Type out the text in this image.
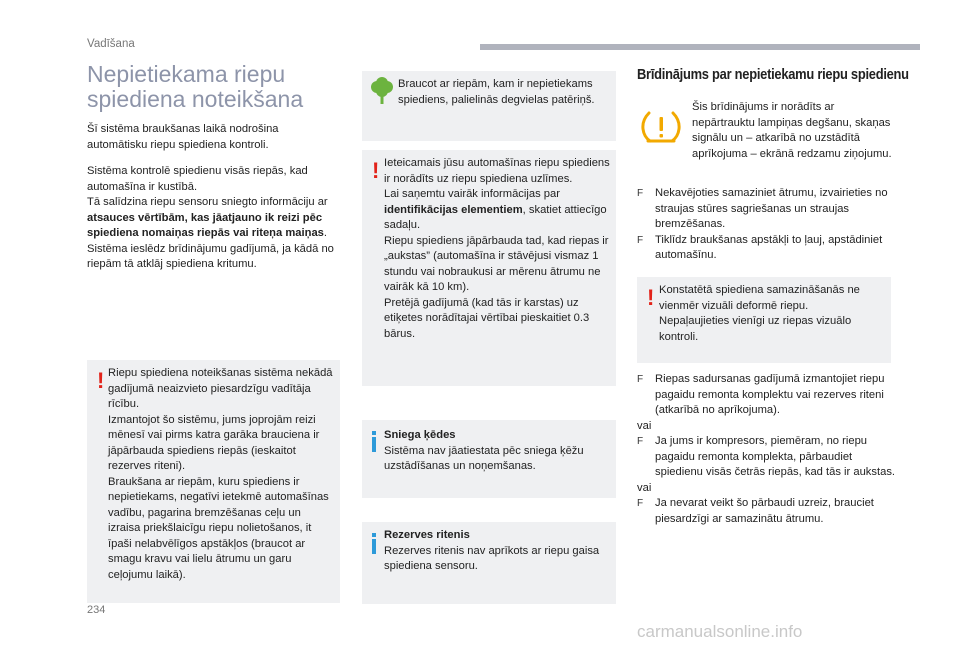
Vadīšana
Nepietiekama riepu
spiediena noteikšana

Šī sistēma braukšanas laikā nodrošina automātisku riepu spiediena kontroli.

Sistēma kontrolē spiedienu visās riepās, kad automašīna ir kustībā.
Tā salīdzina riepu sensoru sniegto informāciju ar atsauces vērtībām, kas jāatjauno ik reizi pēc spiediena nomaiņas riepās vai riteņa maiņas.
Sistēma ieslēdz brīdinājumu gadījumā, ja kādā no riepām tā atklāj spiediena kritumu.

! Riepu spiediena noteikšanas sistēma nekādā gadījumā neaizvieto piesardzīgu vadītāja rīcību.
Izmantojot šo sistēmu, jums joprojām reizi mēnesī vai pirms katra garāka brauciena ir jāpārbauda spiediens riepās (ieskaitot rezerves riteni).
Braukšana ar riepām, kuru spiediens ir nepietiekams, negatīvi ietekmē automašīnas vadību, pagarina bremzēšanas ceļu un izraisa priekšlaicīgu riepu nolietošanos, it īpaši nelabvēlīgos apstākļos (braucot ar smagu kravu vai lielu ātrumu un garu ceļojumu laikā).
Braucot ar riepām, kam ir nepietiekams spiediens, palielinās degvielas patēriņš.
! Ieteicamais jūsu automašīnas riepu spiediens ir norādīts uz riepu spiediena uzlīmes.
Lai saņemtu vairāk informācijas par identifikācijas elementiem, skatiet attiecīgo sadaļu.
Riepu spiediens jāpārbauda tad, kad riepas ir „aukstas” (automašīna ir stāvējusi vismaz 1 stundu vai nobraukusi ar mērenu ātrumu ne vairāk kā 10 km).
Pretējā gadījumā (kad tās ir karstas) uz etiķetes norādītajai vērtībai pieskaitiet 0.3 bārus.
Sniega ķēdes
Sistēma nav jāatiestata pēc sniega ķēžu uzstādīšanas un noņemšanas.
Rezerves ritenis
Rezerves ritenis nav aprīkots ar riepu gaisa spiediena sensoru.
Brīdinājums par nepietiekamu riepu spiedienu
Šis brīdinājums ir norādīts ar nepārtrauktu lampiņas degšanu, skaņas signālu un – atkarībā no uzstādītā aprīkojuma – ekrānā redzamu ziņojumu.
F Nekavējoties samaziniet ātrumu, izvairieties no straujas stūres sagriešanas un straujas bremzēšanas.
F Tiklīdz braukšanas apstākļi to ļauj, apstādiniet automašīnu.
! Konstatētā spiediena samazināšanās ne vienmēr vizuāli deformē riepu.
Nepaļaujieties vienīgi uz riepas vizuālo kontroli.
F Riepas sadursanas gadījumā izmantojiet riepu pagaidu remonta komplektu vai rezerves riteni (atkarībā no aprīkojuma).
vai
F Ja jums ir kompresors, piemēram, no riepu pagaidu remonta komplekta, pārbaudiet spiedienu visās četrās riepās, kad tās ir aukstas.
vai
F Ja nevarat veikt šo pārbaudi uzreiz, brauciet piesardzīgi ar samazinātu ātrumu.
234
carmanualsonline.info
